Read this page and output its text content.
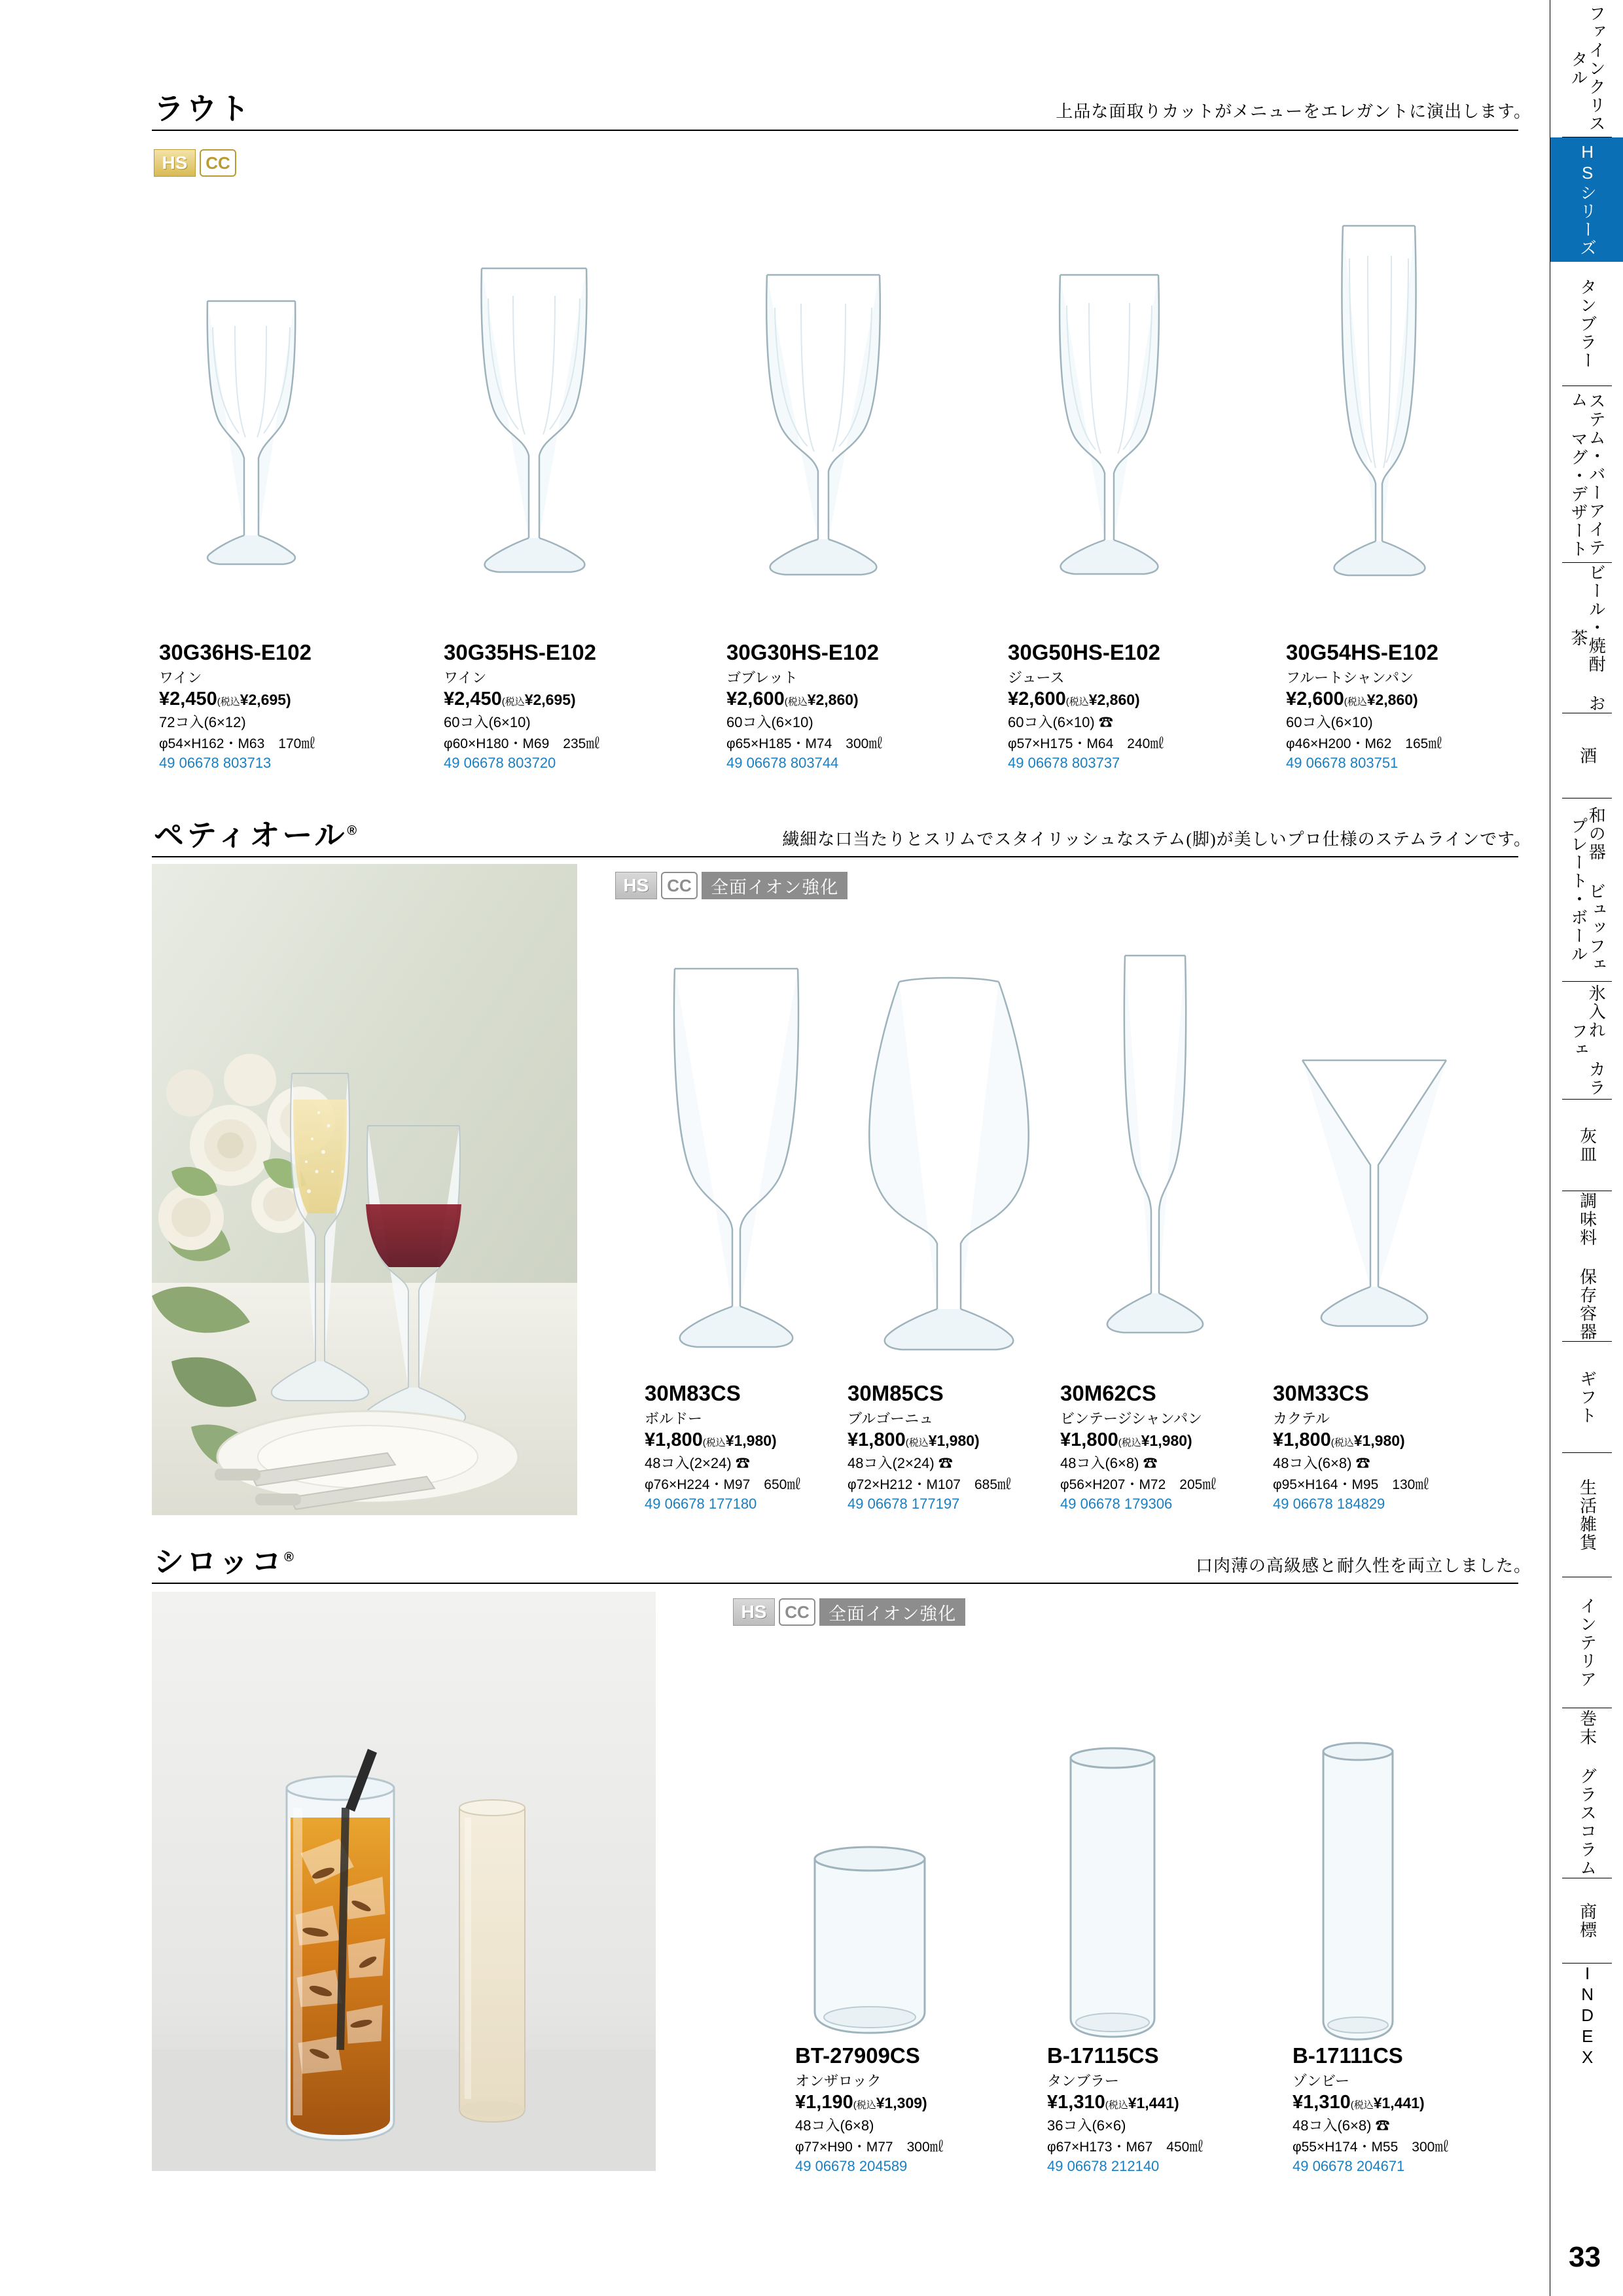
ファインクリスタル
HSシリーズ
タンブラー
ステム・バーアイテム マグ・デザート
ビール・焼酎 お茶
酒
和の器 ビュッフェ プレート・ボール
氷入れ カラフェ
灰皿
調味料 保存容器
ギフト
生活雑貨
インテリア
巻末 グラスコラム
商標
INDEX
ラウト	上品な面取りカットがメニューをエレガントに演出します。
HS	CC
30G36HS-E102
ワイン
¥2,450(税込¥2,695)
72コ入(6×12)
φ54×H162・M63　170㎖
49 06678 803713
30G35HS-E102
ワイン
¥2,450(税込¥2,695)
60コ入(6×10)
φ60×H180・M69　235㎖
49 06678 803720
30G30HS-E102
ゴブレット
¥2,600(税込¥2,860)
60コ入(6×10)
φ65×H185・M74　300㎖
49 06678 803744
30G50HS-E102
ジュース
¥2,600(税込¥2,860)
60コ入(6×10) ☎
φ57×H175・M64　240㎖
49 06678 803737
30G54HS-E102
フルートシャンパン
¥2,600(税込¥2,860)
60コ入(6×10)
φ46×H200・M62　165㎖
49 06678 803751
ペティオール®	繊細な口当たりとスリムでスタイリッシュなステム(脚)が美しいプロ仕様のステムラインです。
HS	CC	全面イオン強化
30M83CS
ボルドー
¥1,800(税込¥1,980)
48コ入(2×24) ☎
φ76×H224・M97　650㎖
49 06678 177180
30M85CS
ブルゴーニュ
¥1,800(税込¥1,980)
48コ入(2×24) ☎
φ72×H212・M107　685㎖
49 06678 177197
30M62CS
ビンテージシャンパン
¥1,800(税込¥1,980)
48コ入(6×8) ☎
φ56×H207・M72　205㎖
49 06678 179306
30M33CS
カクテル
¥1,800(税込¥1,980)
48コ入(6×8) ☎
φ95×H164・M95　130㎖
49 06678 184829
シロッコ®	口肉薄の高級感と耐久性を両立しました。
HS	CC	全面イオン強化
BT-27909CS
オンザロック
¥1,190(税込¥1,309)
48コ入(6×8)
φ77×H90・M77　300㎖
49 06678 204589
B-17115CS
タンブラー
¥1,310(税込¥1,441)
36コ入(6×6)
φ67×H173・M67　450㎖
49 06678 212140
B-17111CS
ゾンビー
¥1,310(税込¥1,441)
48コ入(6×8) ☎
φ55×H174・M55　300㎖
49 06678 204671
33
